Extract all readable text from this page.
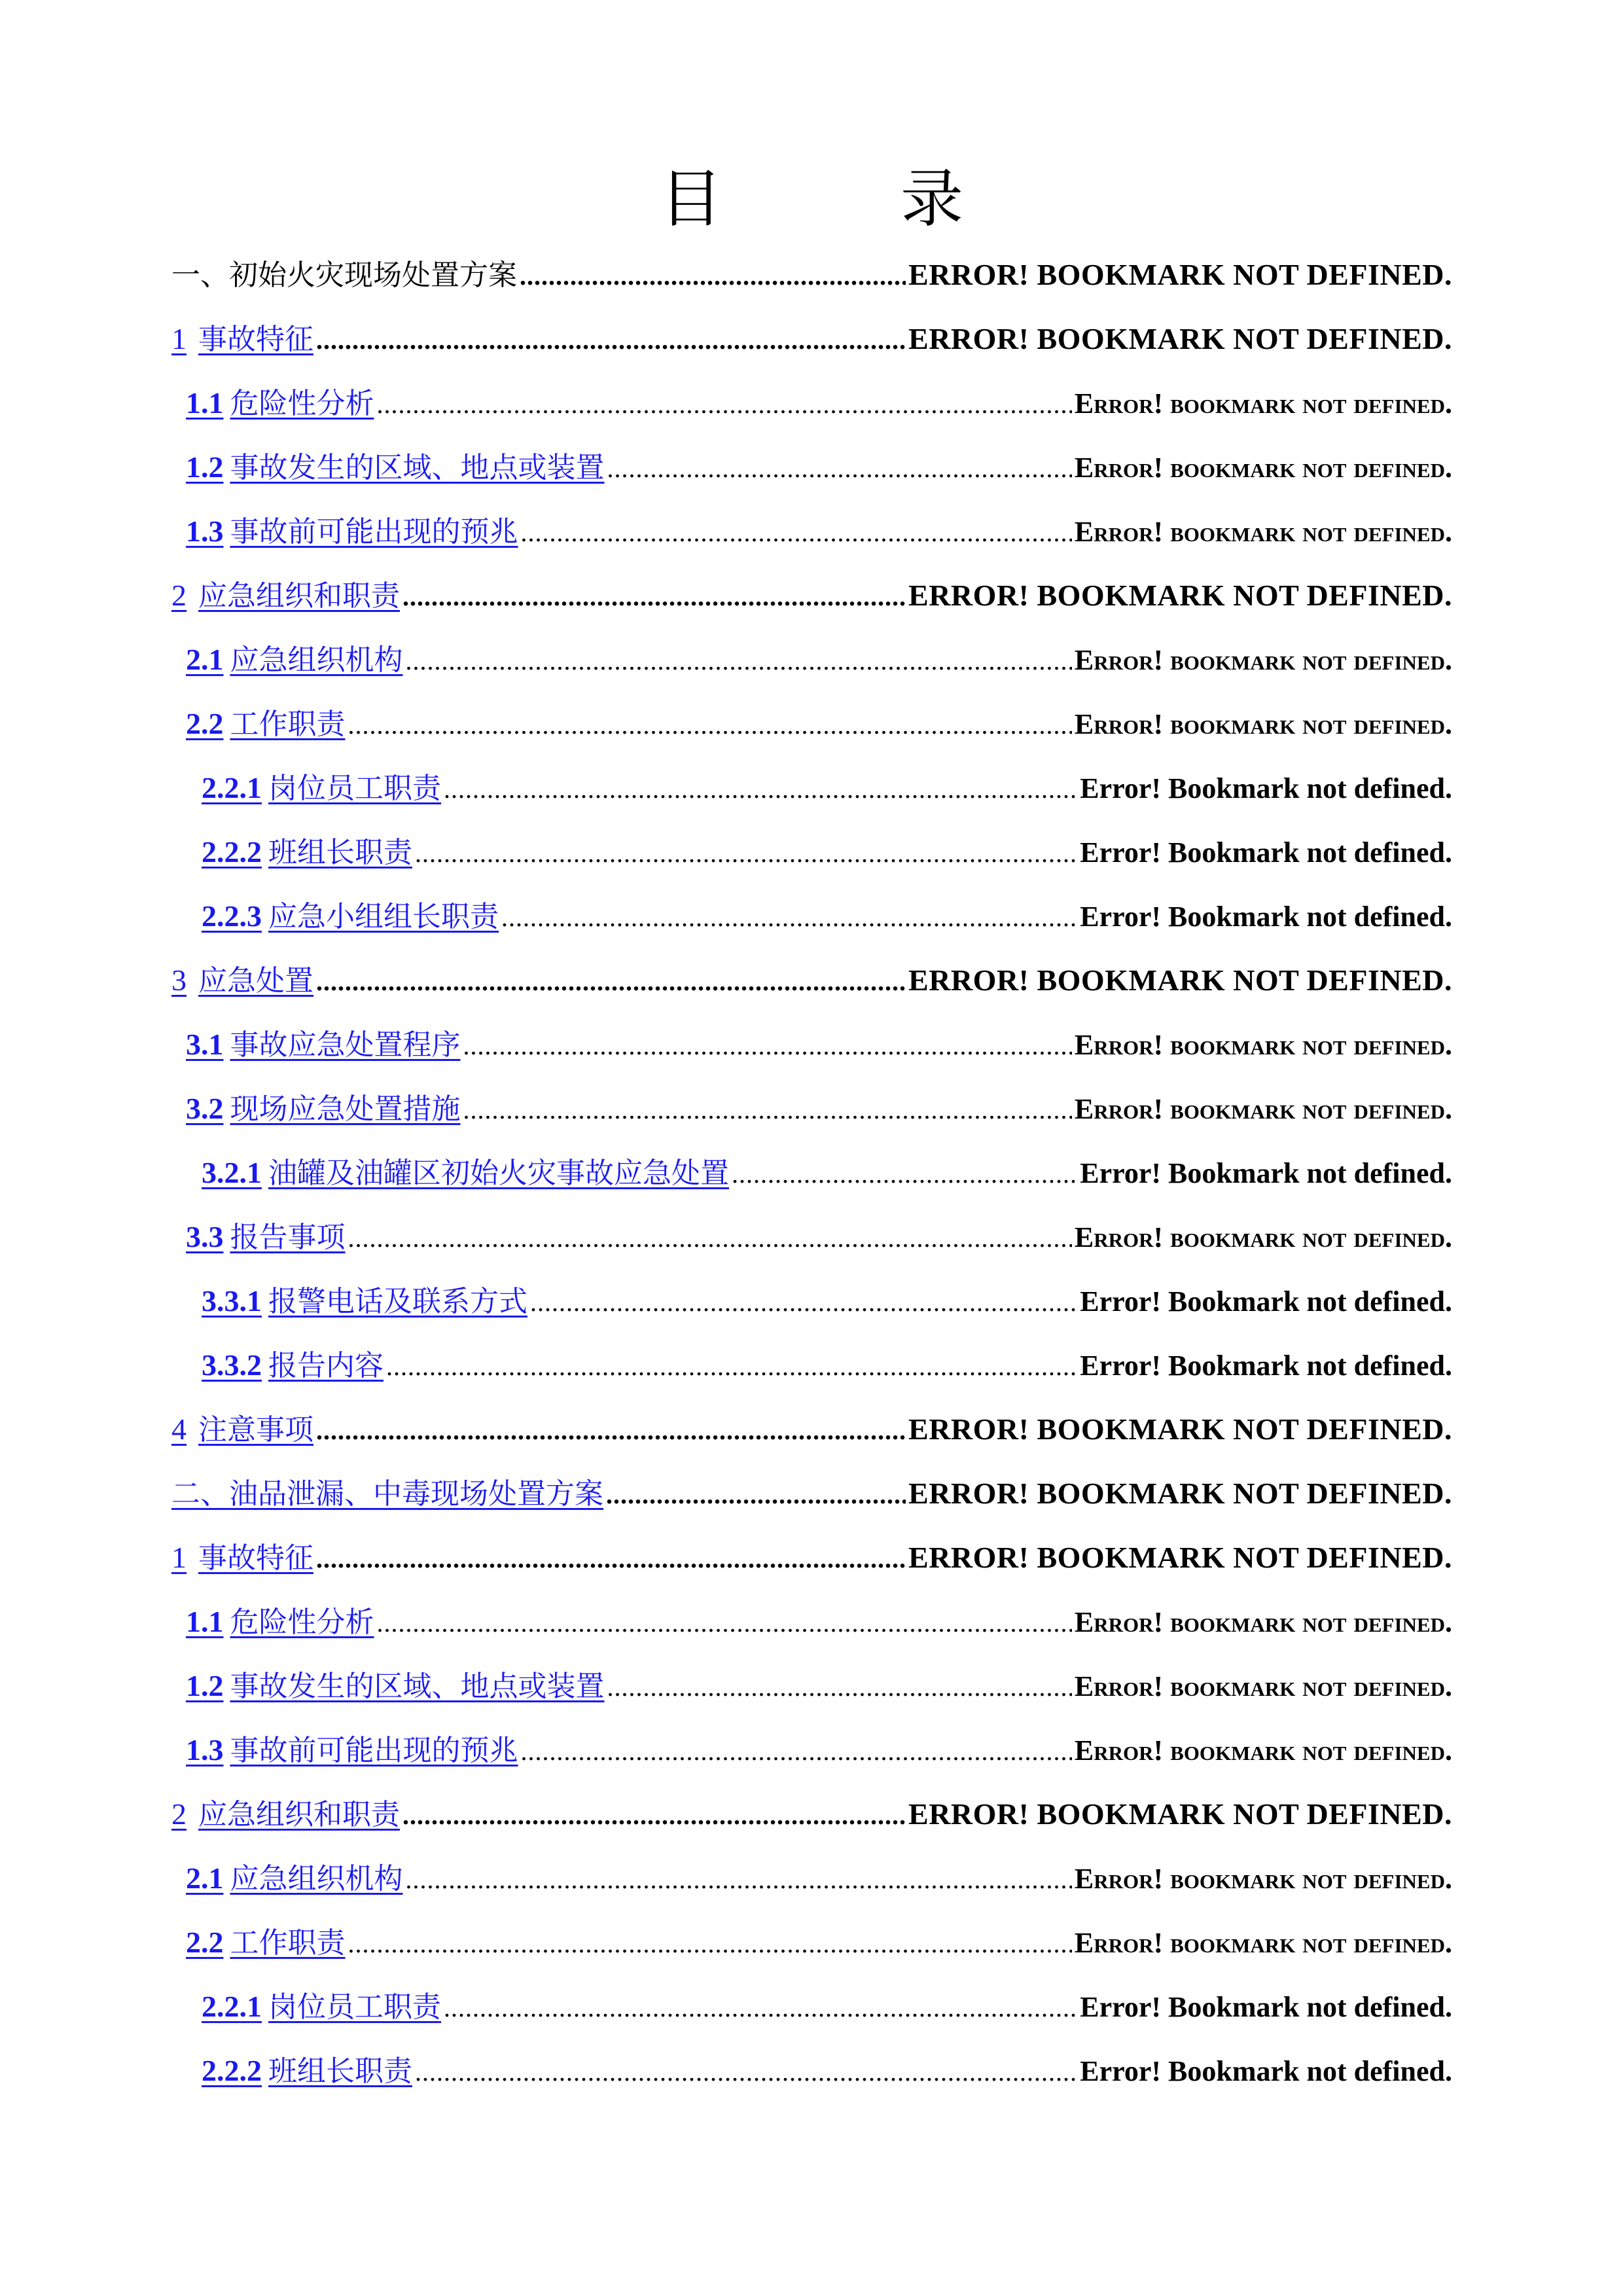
目　录
一、初始火灾现场处置方案 .....	ERROR! BOOKMARK NOT DEFINED.
1 事故特征 .....	ERROR! BOOKMARK NOT DEFINED.
1.1 危险性分析 .....	error! bookmark not defined.
1.2 事故发生的区域、地点或装置 .....	error! bookmark not defined.
1.3 事故前可能出现的预兆 .....	error! bookmark not defined.
2 应急组织和职责 .....	ERROR! BOOKMARK NOT DEFINED.
2.1 应急组织机构 .....	error! bookmark not defined.
2.2 工作职责 .....	error! bookmark not defined.
2.2.1 岗位员工职责 .....	Error! Bookmark not defined.
2.2.2 班组长职责 .....	Error! Bookmark not defined.
2.2.3 应急小组组长职责 .....	Error! Bookmark not defined.
3 应急处置 .....	ERROR! BOOKMARK NOT DEFINED.
3.1 事故应急处置程序 .....	error! bookmark not defined.
3.2 现场应急处置措施 .....	error! bookmark not defined.
3.2.1 油罐及油罐区初始火灾事故应急处置 .....	Error! Bookmark not defined.
3.3 报告事项 .....	error! bookmark not defined.
3.3.1 报警电话及联系方式 .....	Error! Bookmark not defined.
3.3.2 报告内容 .....	Error! Bookmark not defined.
4 注意事项 .....	ERROR! BOOKMARK NOT DEFINED.
二、油品泄漏、中毒现场处置方案 .....	ERROR! BOOKMARK NOT DEFINED.
1 事故特征 .....	ERROR! BOOKMARK NOT DEFINED.
1.1 危险性分析 .....	error! bookmark not defined.
1.2 事故发生的区域、地点或装置 .....	error! bookmark not defined.
1.3 事故前可能出现的预兆 .....	error! bookmark not defined.
2 应急组织和职责 .....	ERROR! BOOKMARK NOT DEFINED.
2.1 应急组织机构 .....	error! bookmark not defined.
2.2 工作职责 .....	error! bookmark not defined.
2.2.1 岗位员工职责 .....	Error! Bookmark not defined.
2.2.2 班组长职责 .....	Error! Bookmark not defined.
